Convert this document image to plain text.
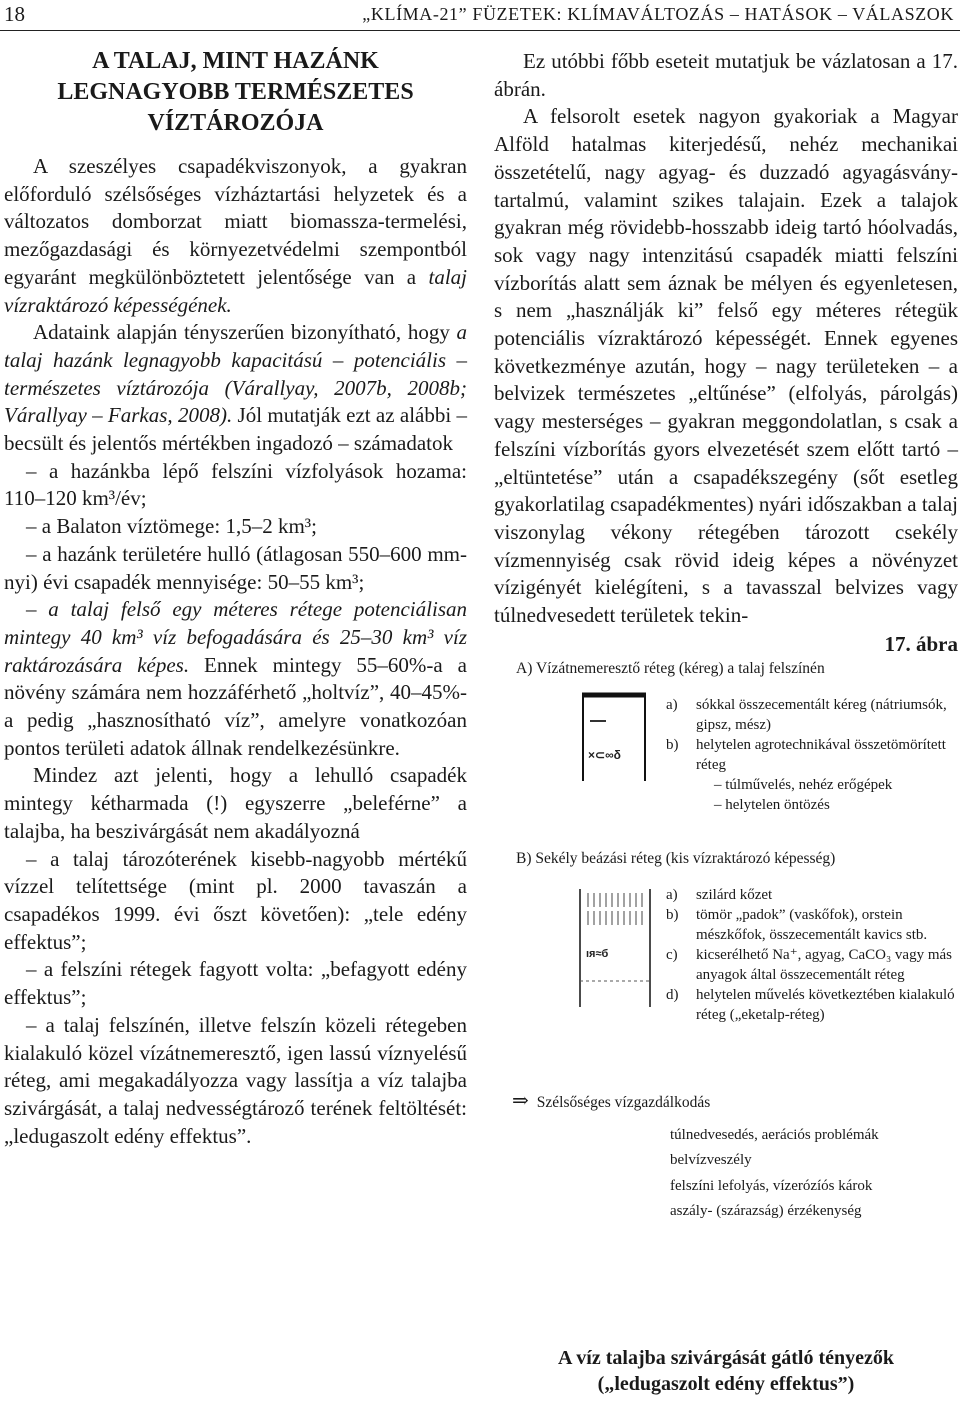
18	„KLÍMA-21” FÜZETEK: KLÍMAVÁLTOZÁS – HATÁSOK – VÁLASZOK
A TALAJ, MINT HAZÁNK LEGNAGYOBB TERMÉSZETES VÍZTÁROZÓJA

A szeszélyes csapadékviszonyok, a gyakran előforduló szélsőséges vízháztartási helyzetek és a változatos domborzat miatt biomassza-termelési, mezőgazdasági és környezetvédelmi szempontból egyaránt megkülönböztetett jelentősége van a talaj vízraktározó képességének.

Adataink alapján tényszerűen bizonyítható, hogy a talaj hazánk legnagyobb kapacitású – potenciális – természetes víztározója (Várallyay, 2007b, 2008b; Várallyay – Farkas, 2008). Jól mutatják ezt az alábbi – becsült és jelentős mértékben ingadozó – számadatok

– a hazánkba lépő felszíni vízfolyások hozama: 110–120 km³/év;

– a Balaton víztömege: 1,5–2 km³;

– a hazánk területére hulló (átlagosan 550–600 mm-nyi) évi csapadék mennyisége: 50–55 km³;

– a talaj felső egy méteres rétege potenciálisan mintegy 40 km³ víz befogadására és 25–30 km³ víz raktározására képes. Ennek mintegy 55–60%-a a növény számára nem hozzáférhető „holtvíz”, 40–45%-a pedig „hasznosítható víz”, amelyre vonatkozóan pontos területi adatok állnak rendelkezésünkre.

Mindez azt jelenti, hogy a lehulló csapadék mintegy kétharmada (!) egyszerre „beleférne” a talajba, ha beszivárgását nem akadályozná

– a talaj tározóterének kisebb-nagyobb mértékű vízzel telítettsége (mint pl. 2000 tavaszán a csapadékos 1999. évi őszt követően): „tele edény effektus”;

– a felszíni rétegek fagyott volta: „befagyott edény effektus”;

– a talaj felszínén, illetve felszín közeli rétegeben kialakuló közel vízátnemeresztő, igen lassú víznyelésű réteg, ami megakadályozza vagy lassítja a víz talajba szivárgását, a talaj nedvességtároző terének feltöltését: „ledugaszolt edény effektus”.

Ez utóbbi főbb eseteit mutatjuk be vázlatosan a 17. ábrán.

A felsorolt esetek nagyon gyakoriak a Magyar Alföld hatalmas kiterjedésű, nehéz mechanikai összetételű, nagy agyag- és duzzadó agyagásvány-tartalmú, valamint szikes talajain. Ezek a talajok gyakran még rövidebb-hosszabb ideig tartó hóolvadás, sok vagy nagy intenzitású csapadék miatti felszíni vízborítás alatt sem áznak be mélyen és egyenletesen, s nem „használják ki” felső egy méteres rétegük potenciális vízraktározó képességét. Ennek egyenes következménye azután, hogy – nagy területeken – a belvizek természetes „eltűnése” (elfolyás, párolgás) vagy mesterséges – gyakran meggondolatlan, s csak a felszíni vízborítás gyors elvezetését szem előtt tartó – „eltüntetése” után a csapadékszegény (sőt esetleg gyakorlatilag csapadékmentes) nyári időszakban a talaj viszonylag vékony rétegében tározott csekély vízmennyiség csak rövid ideig képes a növényzet vízigényét kielégíteni, s a tavasszal belvizes vagy túlnedvesedett területek tekin-

17. ábra
A) Vízátnemeresztő réteg (kéreg) a talaj felszínén
×⊂∞δ
a)	sókkal összecementált kéreg (nátriumsók, gipsz, mész)
b)	helytelen agrotechnikával összetömörített réteg
– túlművelés, nehéz erőgépek
– helytelen öntözés
B) Sekély beázási réteg (kis vízraktározó képesség)
ıя≈б
a)	szilárd kőzet
b)	tömör „padok” (vaskőfok), orstein mészkőfok, összecementált kavics stb.
c)	kicserélhető Na⁺, agyag, CaCO₃ vagy más anyagok által összecementált réteg
d)	helytelen művelés következtében kialakuló réteg („eketalp-réteg)
⇒ Szélsőséges vízgazdálkodás
túlnedvesedés, aerációs problémák
belvízveszély
felszíni lefolyás, vízerózíós károk
aszály- (szárazság) érzékenység
A víz talajba szivárgását gátló tényezők
(„ledugaszolt edény effektus”)
